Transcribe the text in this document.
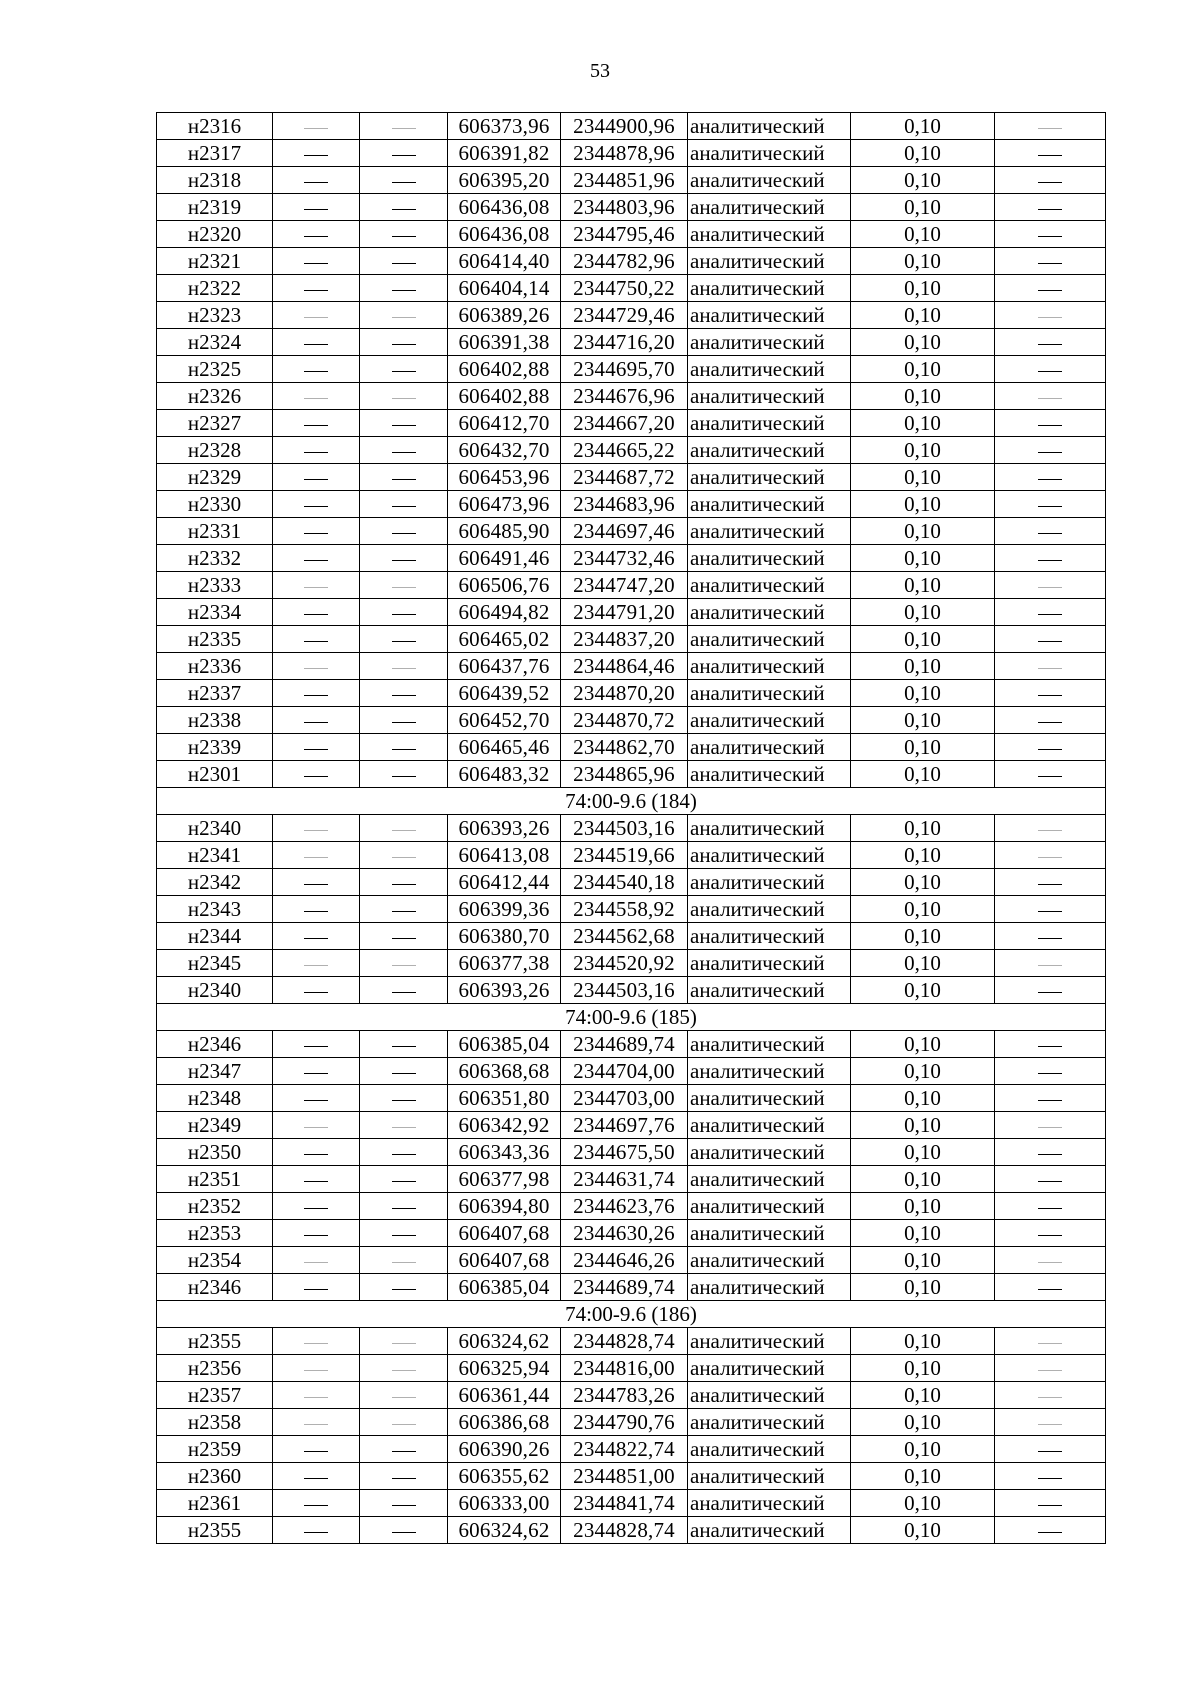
53
н2316			606373,96	2344900,96	аналитический	0,10	
н2317			606391,82	2344878,96	аналитический	0,10	
н2318			606395,20	2344851,96	аналитический	0,10	
н2319			606436,08	2344803,96	аналитический	0,10	
н2320			606436,08	2344795,46	аналитический	0,10	
н2321			606414,40	2344782,96	аналитический	0,10	
н2322			606404,14	2344750,22	аналитический	0,10	
н2323			606389,26	2344729,46	аналитический	0,10	
н2324			606391,38	2344716,20	аналитический	0,10	
н2325			606402,88	2344695,70	аналитический	0,10	
н2326			606402,88	2344676,96	аналитический	0,10	
н2327			606412,70	2344667,20	аналитический	0,10	
н2328			606432,70	2344665,22	аналитический	0,10	
н2329			606453,96	2344687,72	аналитический	0,10	
н2330			606473,96	2344683,96	аналитический	0,10	
н2331			606485,90	2344697,46	аналитический	0,10	
н2332			606491,46	2344732,46	аналитический	0,10	
н2333			606506,76	2344747,20	аналитический	0,10	
н2334			606494,82	2344791,20	аналитический	0,10	
н2335			606465,02	2344837,20	аналитический	0,10	
н2336			606437,76	2344864,46	аналитический	0,10	
н2337			606439,52	2344870,20	аналитический	0,10	
н2338			606452,70	2344870,72	аналитический	0,10	
н2339			606465,46	2344862,70	аналитический	0,10	
н2301			606483,32	2344865,96	аналитический	0,10	
74:00-9.6 (184)							
н2340			606393,26	2344503,16	аналитический	0,10	
н2341			606413,08	2344519,66	аналитический	0,10	
н2342			606412,44	2344540,18	аналитический	0,10	
н2343			606399,36	2344558,92	аналитический	0,10	
н2344			606380,70	2344562,68	аналитический	0,10	
н2345			606377,38	2344520,92	аналитический	0,10	
н2340			606393,26	2344503,16	аналитический	0,10	
74:00-9.6 (185)							
н2346			606385,04	2344689,74	аналитический	0,10	
н2347			606368,68	2344704,00	аналитический	0,10	
н2348			606351,80	2344703,00	аналитический	0,10	
н2349			606342,92	2344697,76	аналитический	0,10	
н2350			606343,36	2344675,50	аналитический	0,10	
н2351			606377,98	2344631,74	аналитический	0,10	
н2352			606394,80	2344623,76	аналитический	0,10	
н2353			606407,68	2344630,26	аналитический	0,10	
н2354			606407,68	2344646,26	аналитический	0,10	
н2346			606385,04	2344689,74	аналитический	0,10	
74:00-9.6 (186)							
н2355			606324,62	2344828,74	аналитический	0,10	
н2356			606325,94	2344816,00	аналитический	0,10	
н2357			606361,44	2344783,26	аналитический	0,10	
н2358			606386,68	2344790,76	аналитический	0,10	
н2359			606390,26	2344822,74	аналитический	0,10	
н2360			606355,62	2344851,00	аналитический	0,10	
н2361			606333,00	2344841,74	аналитический	0,10	
н2355			606324,62	2344828,74	аналитический	0,10	
